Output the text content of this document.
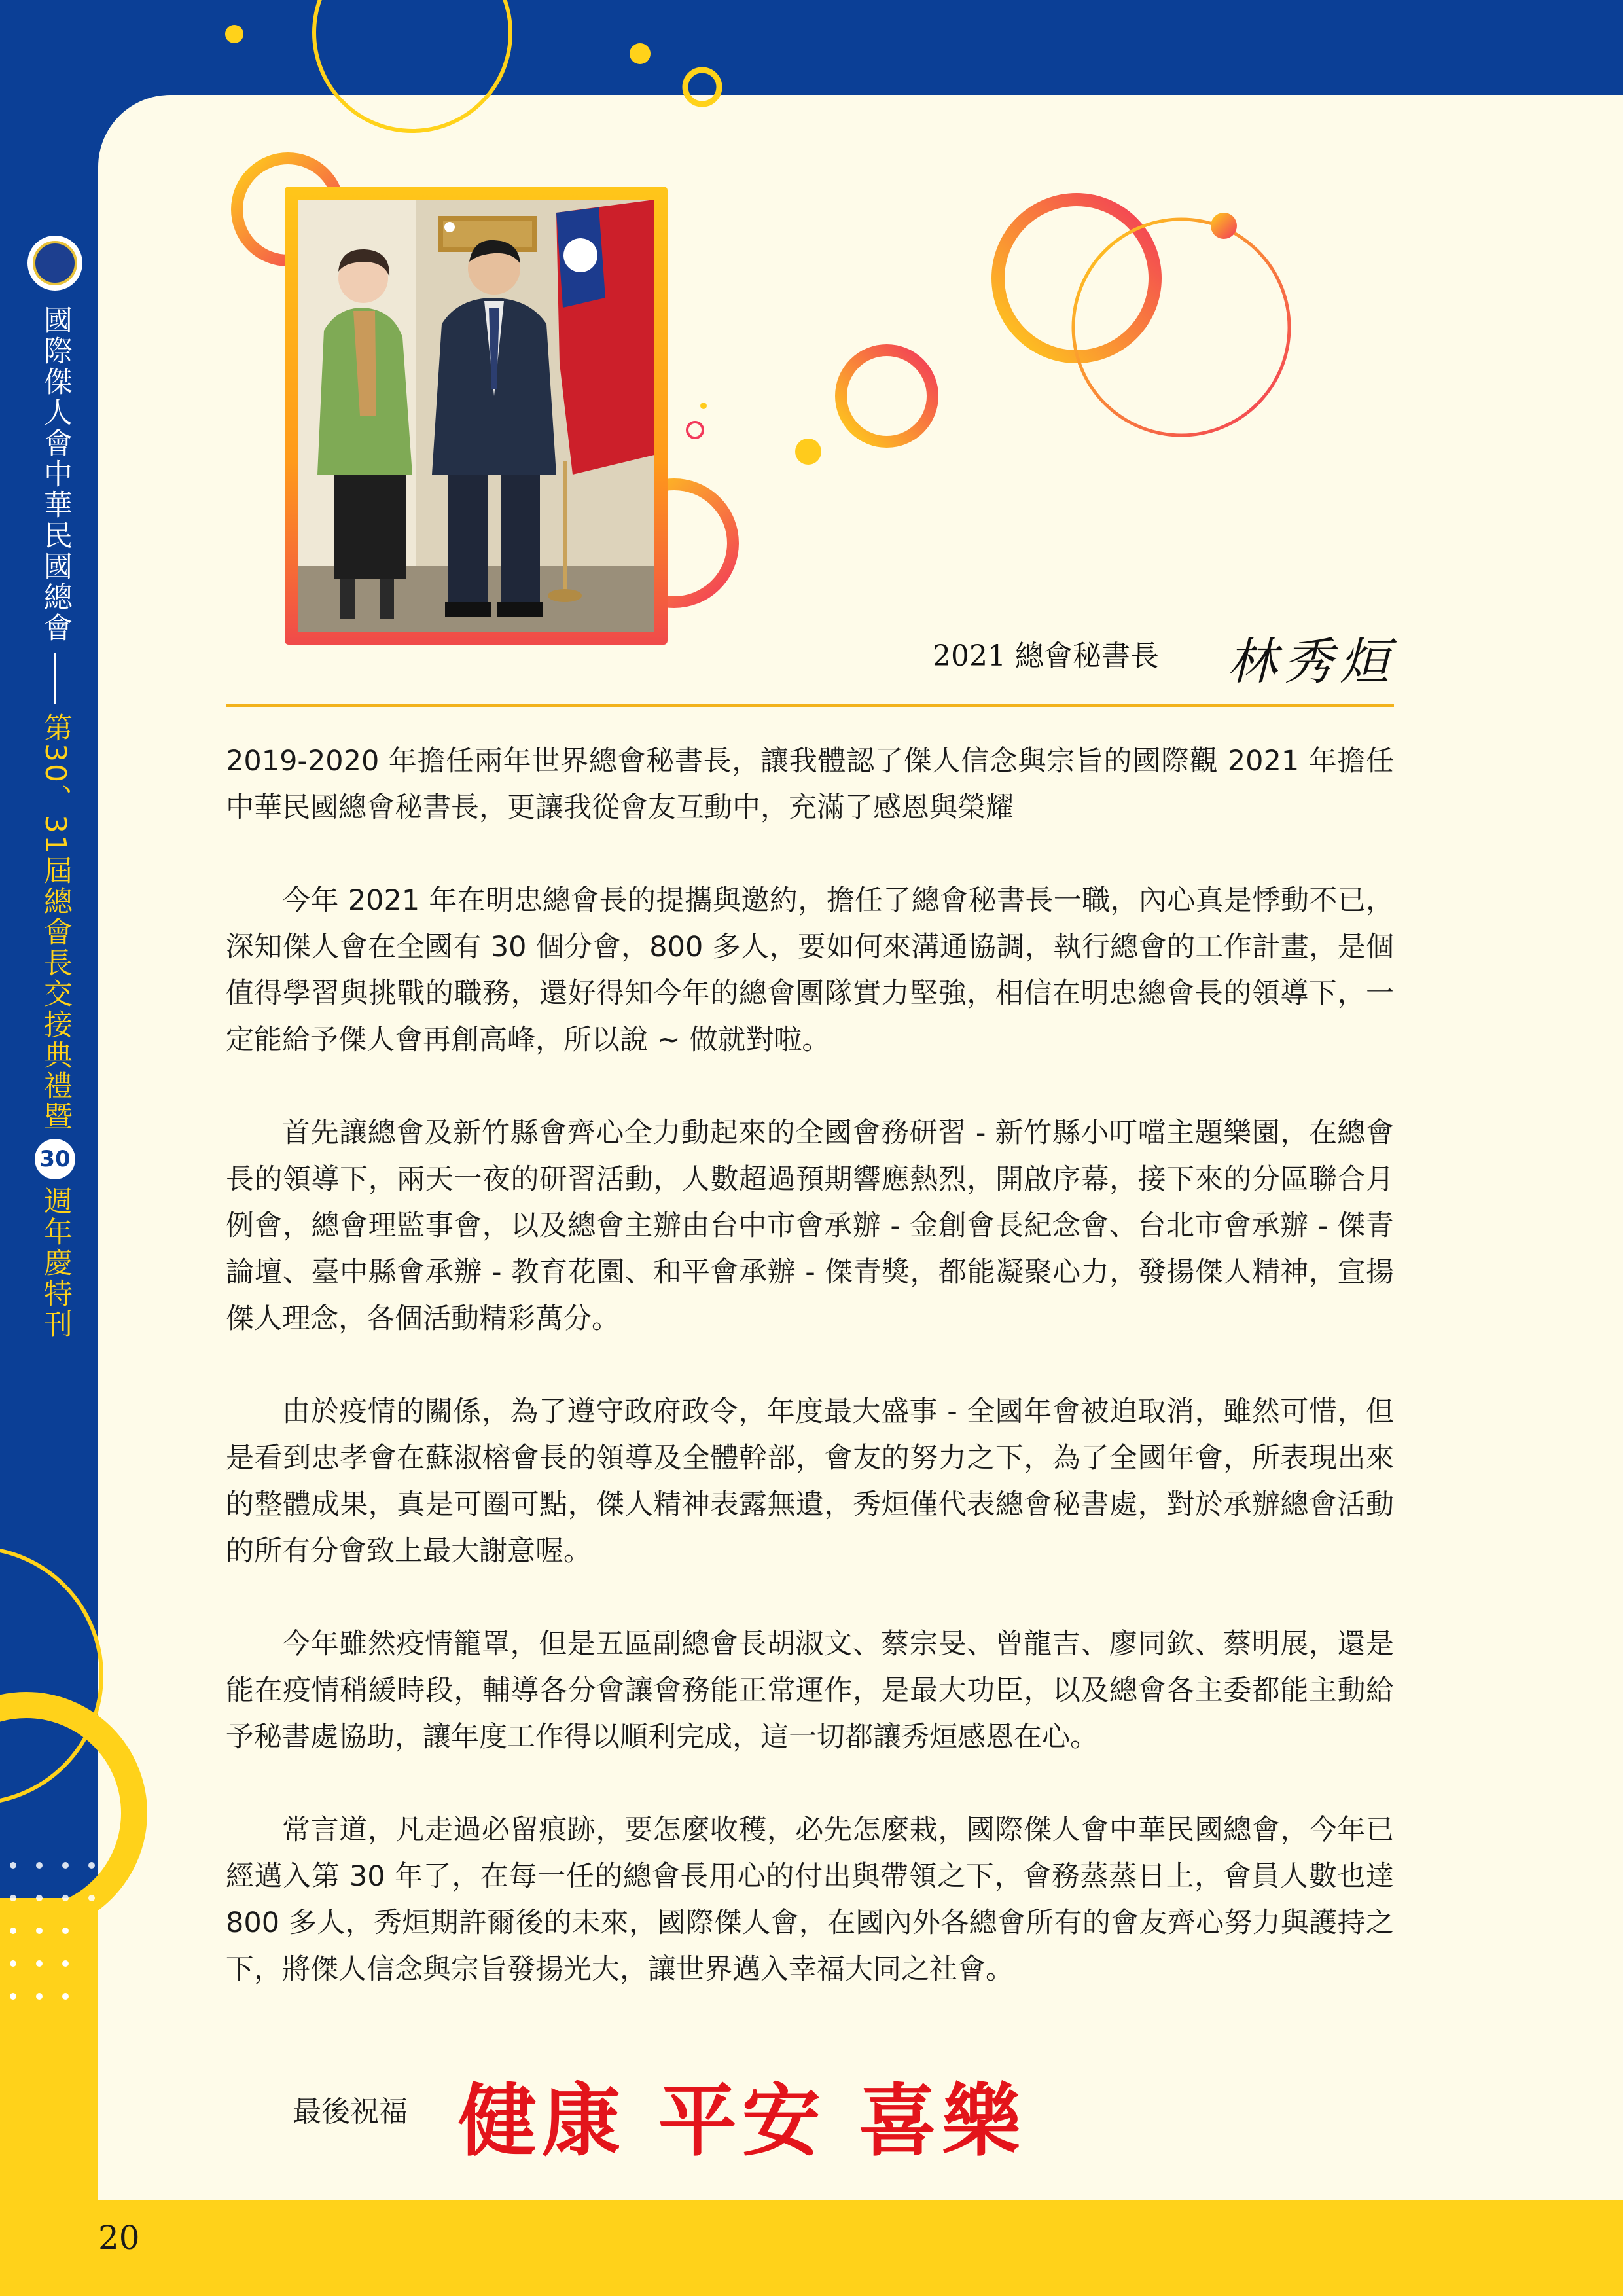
國際傑人會中華民國總會
第30、31屆總會長交接典禮暨
30
週年慶特刊
2021 總會秘書長 林秀烜

2019-2020 年擔任兩年世界總會秘書長，讓我體認了傑人信念與宗旨的國際觀 2021 年擔任中華民國總會秘書長，更讓我從會友互動中，充滿了感恩與榮耀

今年 2021 年在明忠總會長的提攜與邀約，擔任了總會秘書長一職，內心真是悸動不已，深知傑人會在全國有 30 個分會，800 多人，要如何來溝通協調，執行總會的工作計畫，是個值得學習與挑戰的職務，還好得知今年的總會團隊實力堅強，相信在明忠總會長的領導下，一定能給予傑人會再創高峰，所以說 ~ 做就對啦。

首先讓總會及新竹縣會齊心全力動起來的全國會務研習 - 新竹縣小叮噹主題樂園，在總會長的領導下，兩天一夜的研習活動，人數超過預期響應熱烈，開啟序幕，接下來的分區聯合月例會，總會理監事會，以及總會主辦由台中市會承辦 - 金創會長紀念會、台北市會承辦 - 傑青論壇、臺中縣會承辦 - 教育花園、和平會承辦 - 傑青獎，都能凝聚心力，發揚傑人精神，宣揚傑人理念，各個活動精彩萬分。

由於疫情的關係，為了遵守政府政令，年度最大盛事 - 全國年會被迫取消，雖然可惜，但是看到忠孝會在蘇淑榕會長的領導及全體幹部，會友的努力之下，為了全國年會，所表現出來的整體成果，真是可圈可點，傑人精神表露無遺，秀烜僅代表總會秘書處，對於承辦總會活動的所有分會致上最大謝意喔。

今年雖然疫情籠罩，但是五區副總會長胡淑文、蔡宗旻、曾龍吉、廖同欽、蔡明展，還是能在疫情稍緩時段，輔導各分會讓會務能正常運作，是最大功臣，以及總會各主委都能主動給予秘書處協助，讓年度工作得以順利完成，這一切都讓秀烜感恩在心。

常言道，凡走過必留痕跡，要怎麼收穫，必先怎麼栽，國際傑人會中華民國總會，今年已經邁入第 30 年了，在每一任的總會長用心的付出與帶領之下，會務蒸蒸日上，會員人數也達 800 多人，秀烜期許爾後的未來，國際傑人會，在國內外各總會所有的會友齊心努力與護持之下，將傑人信念與宗旨發揚光大，讓世界邁入幸福大同之社會。

最後祝福 健康 平安 喜樂
20
